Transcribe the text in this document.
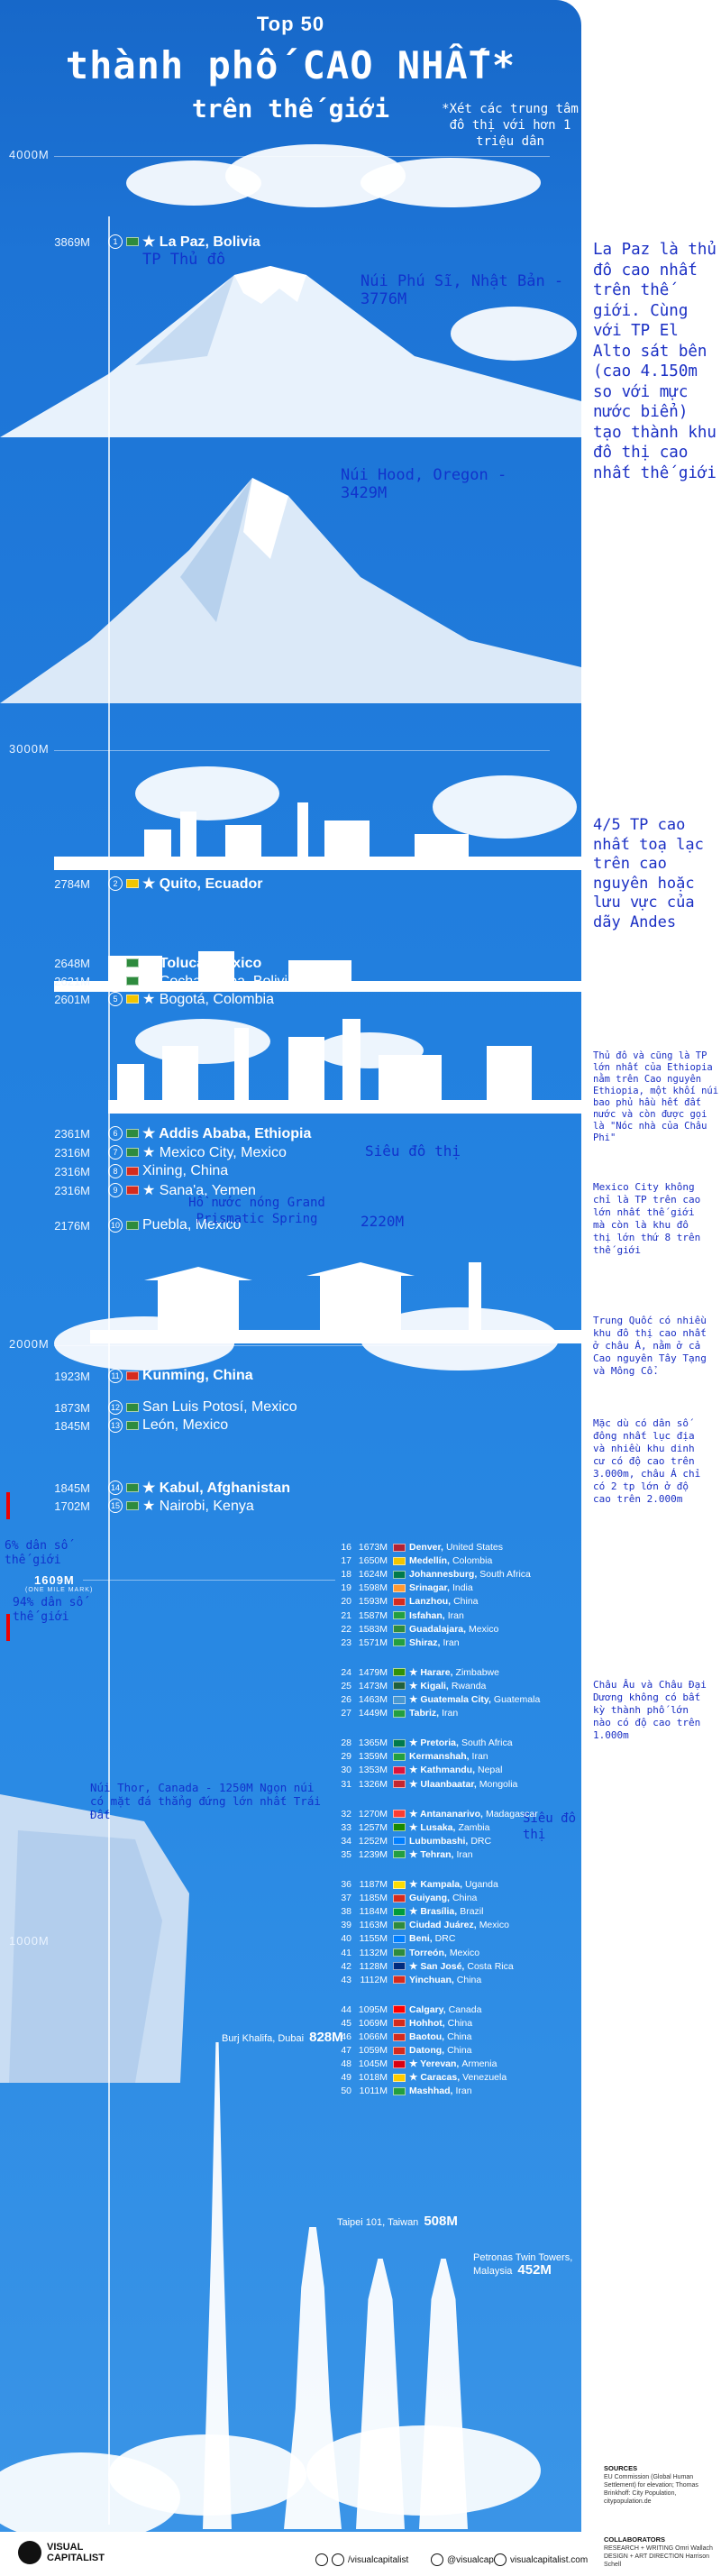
Top 50
thành phố CAO NHẤT*
trên thế giới	*Xét các trung tâm đô thị với hơn 1 triệu dân
Núi Phú Sĩ, Nhật Bản - 3776M
Núi Hood, Oregon - 3429M
4000M
3000M
2000M
1000M
3869M	1	★ La Paz, Bolivia
2784M	2	★ Quito, Ecuador
2648M	3	★ Toluca, Mexico
2621M	4	★ Cochabamba, Bolivia
2601M	5	★ Bogotá, Colombia
2361M	6	★ Addis Ababa, Ethiopia
2316M	7	★ Mexico City, Mexico
2316M	8	Xining, China
2316M	9	★ Sana'a, Yemen
2176M	10 Puebla, Mexico
1923M	11 Kunming, China
1873M	12 San Luis Potosí, Mexico
1845M	13 León, Mexico
1845M	14 ★ Kabul, Afghanistan
1702M	15 ★ Nairobi, Kenya
TP Thủ đô
Siêu đô thị
Hồ nước nóng Grand Prismatic Spring	2220M
6% dân số thế giới
1609M
(ONE MILE MARK)
94% dân số thế giới
Núi Thor, Canada - 1250M Ngọn núi có mặt đá thẳng đứng lớn nhất Trái Đất	Siêu đô thị
16 1673M Denver, United States
17 1650M Medellín, Colombia
18 1624M Johannesburg, South Africa
19 1598M Srinagar, India
20 1593M Lanzhou, China
21 1587M Isfahan, Iran
22 1583M Guadalajara, Mexico
23 1571M Shiraz, Iran
24 1479M ★ Harare, Zimbabwe
25 1473M ★ Kigali, Rwanda
26 1463M ★ Guatemala City, Guatemala
27 1449M Tabriz, Iran
28 1365M ★ Pretoria, South Africa
29 1359M Kermanshah, Iran
30 1353M ★ Kathmandu, Nepal
31 1326M ★ Ulaanbaatar, Mongolia
32 1270M ★ Antananarivo, Madagascar
33 1257M ★ Lusaka, Zambia
34 1252M Lubumbashi, DRC
35 1239M ★ Tehran, Iran
36 1187M ★ Kampala, Uganda
37 1185M Guiyang, China
38 1184M ★ Brasília, Brazil
39 1163M Ciudad Juárez, Mexico
40 1155M Beni, DRC
41 1132M Torreón, Mexico
42 1128M ★ San José, Costa Rica
43 1112M Yinchuan, China
44 1095M Calgary, Canada
45 1069M Hohhot, China
46 1066M Baotou, China
47 1059M Datong, China
48 1045M ★ Yerevan, Armenia
49 1018M ★ Caracas, Venezuela
50 1011M Mashhad, Iran
Burj Khalifa, Dubai 828M
Taipei 101, Taiwan 508M
Petronas Twin Towers, Malaysia 452M
La Paz là thủ đô cao nhất trên thế giới. Cùng với TP El Alto sát bên (cao 4.150m so với mực nước biển) tạo thành khu đô thị cao nhất thế giới
4/5 TP cao nhất toạ lạc trên cao nguyên hoặc lưu vực của dãy Andes
Thủ đô và cũng là TP lớn nhất của Ethiopia nằm trên Cao nguyên Ethiopia, một khối núi bao phủ hầu hết đất nước và còn được gọi là "Nóc nhà của Châu Phi"
Mexico City không chỉ là TP trên cao lớn nhất thế giới mà còn là khu đô thị lớn thứ 8 trên thế giới
Trung Quốc có nhiều khu đô thị cao nhất ở châu Á, nằm ở cả Cao nguyên Tây Tạng và Mông Cổ.
Mặc dù có dân số đông nhất lục địa và nhiều khu dinh cư có độ cao trên 3.000m, châu Á chỉ có 2 tp lớn ở độ cao trên 2.000m
Châu Âu và Châu Đại Dương không có bất kỳ thành phố lớn nào có độ cao trên 1.000m
SOURCES
EU Commission (Global Human Settlement) for elevation; Thomas Brinkhoff: City Population, citypopulation.de
VISUAL
CAPITALIST	/visualcapitalist	@visualcap visualcapitalist.com
COLLABORATORS
RESEARCH + WRITING Omri Wallach
DESIGN + ART DIRECTION Harrison Schell
